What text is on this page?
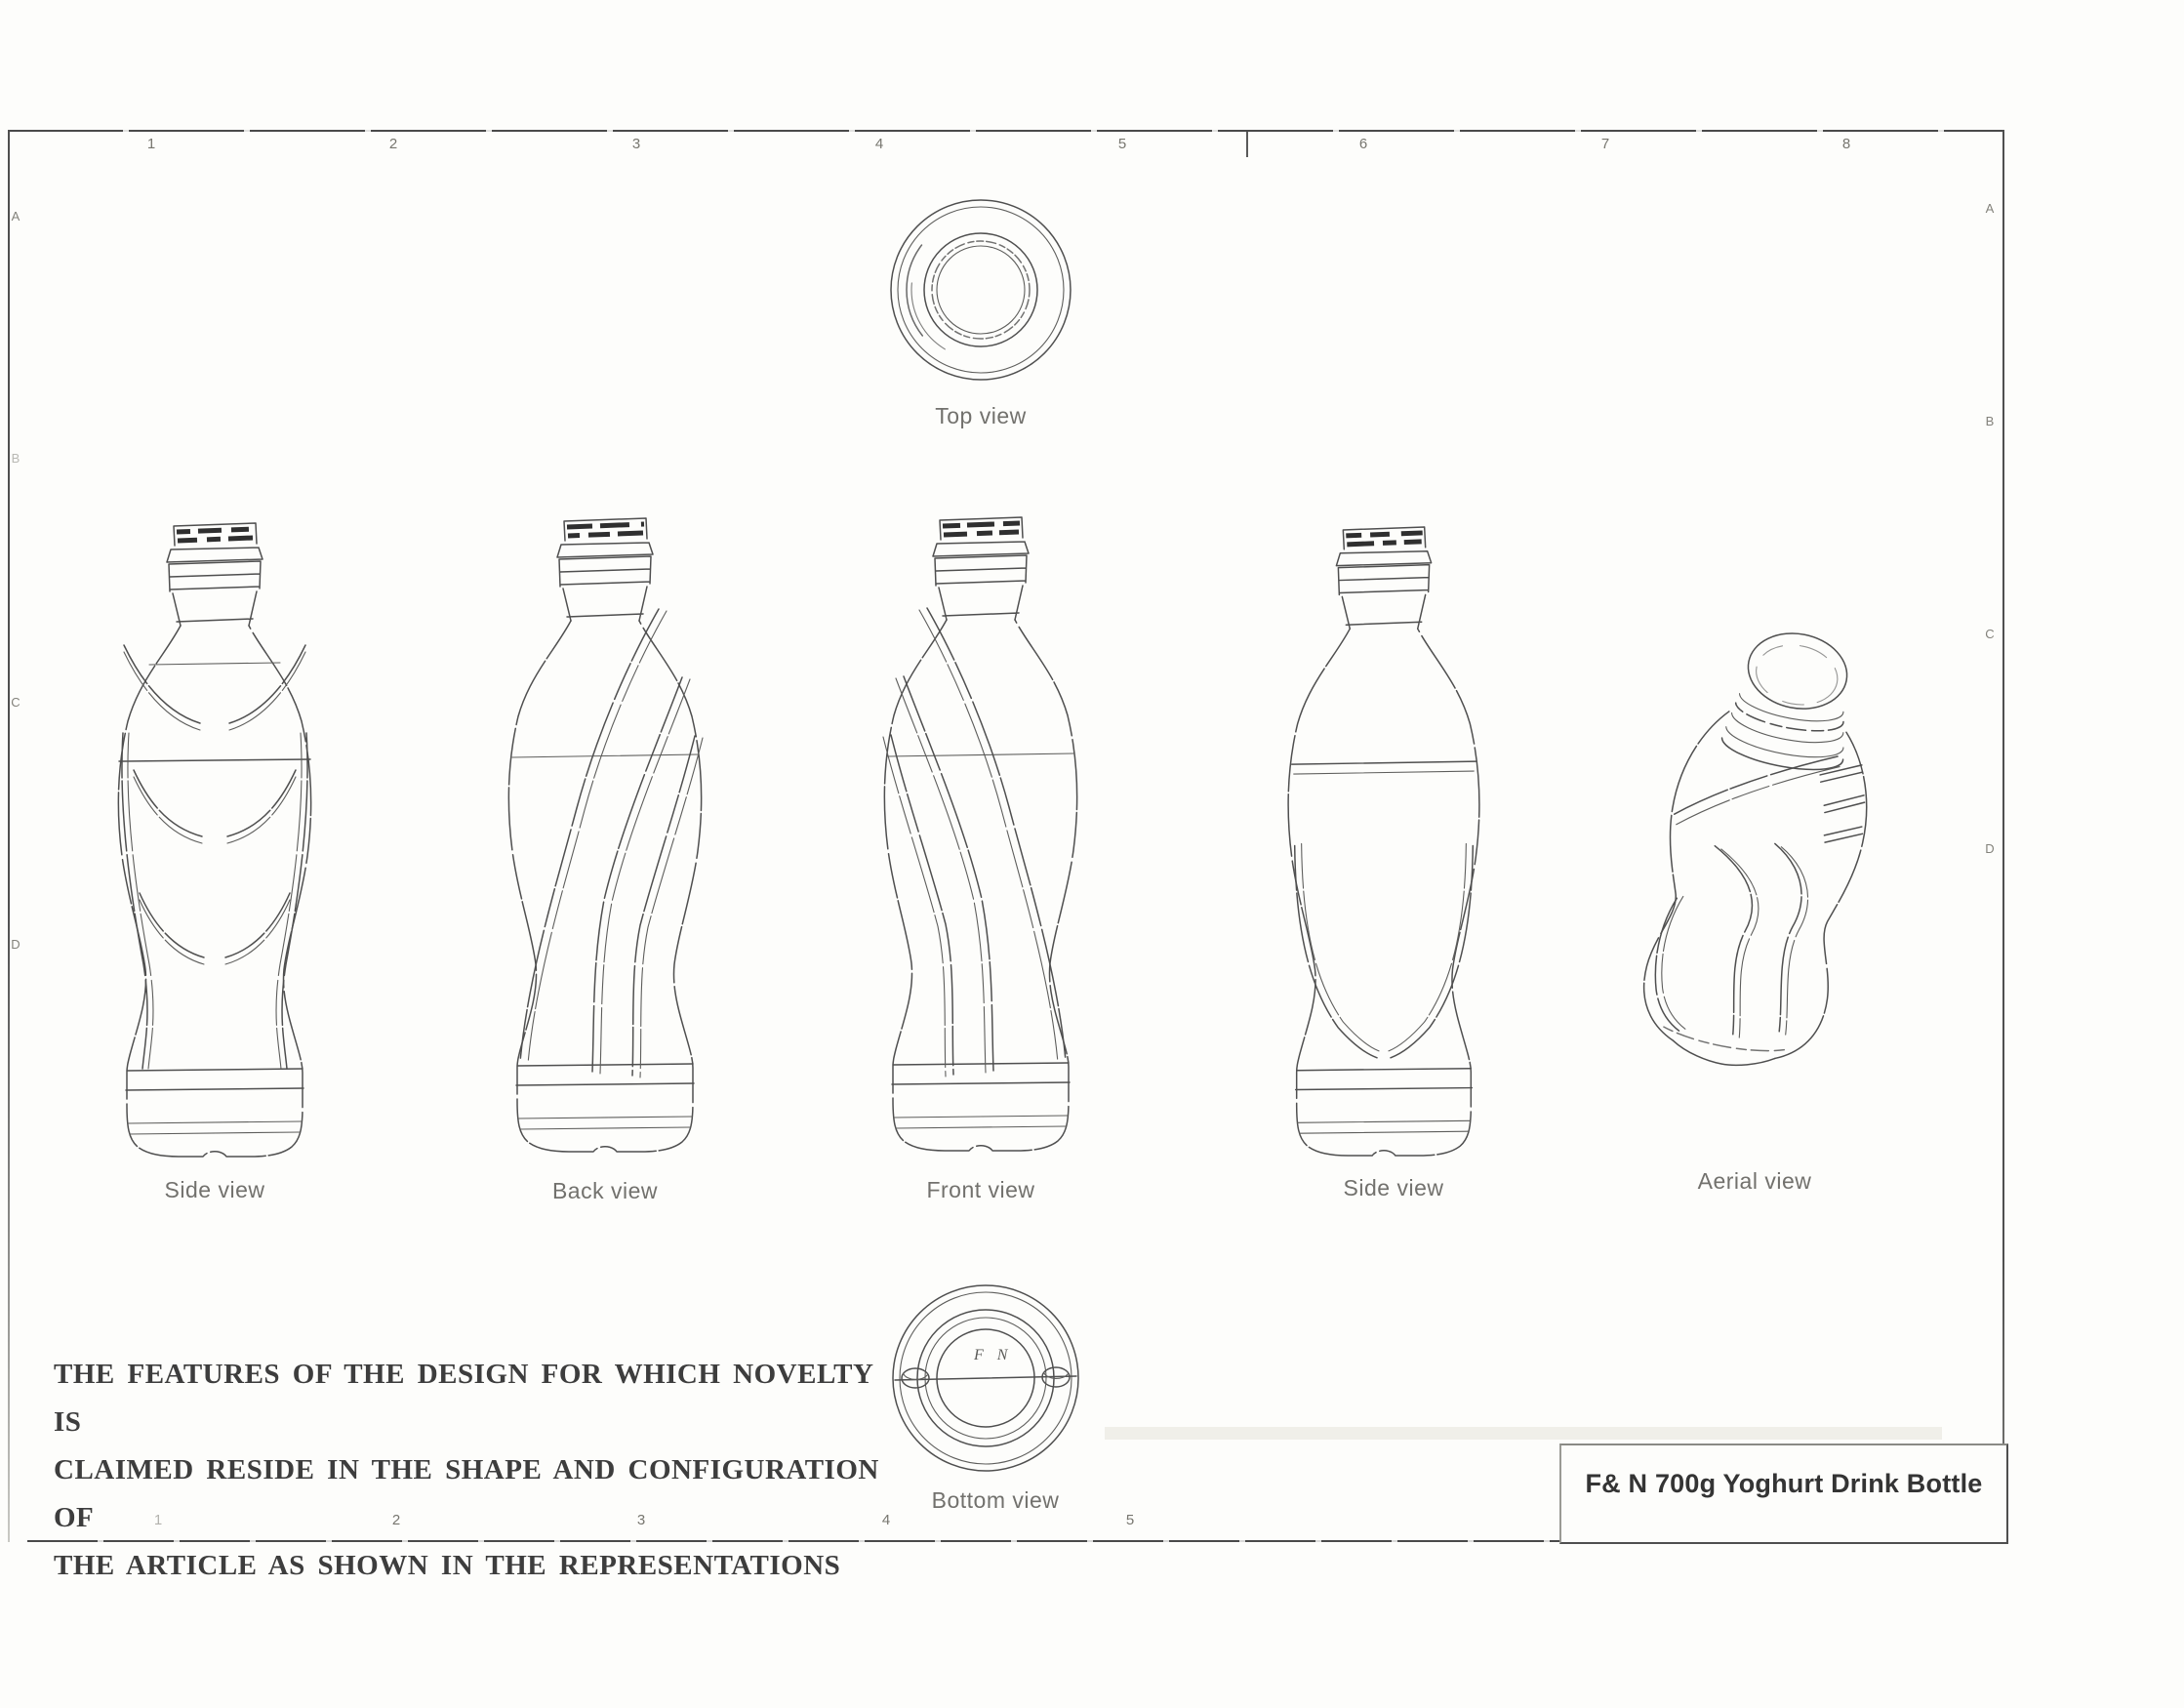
1	2	3	4	5	6	7	8
1	2	3	4	5
A
B
C
D
A
B
C
D
Top view
Side view	Back view	Front view	Side view	Aerial view
F N
Bottom view
THE FEATURES OF THE DESIGN FOR WHICH NOVELTY IS
CLAIMED RESIDE IN THE SHAPE AND CONFIGURATION OF
THE ARTICLE AS SHOWN IN THE REPRESENTATIONS
F& N 700g Yoghurt Drink Bottle
